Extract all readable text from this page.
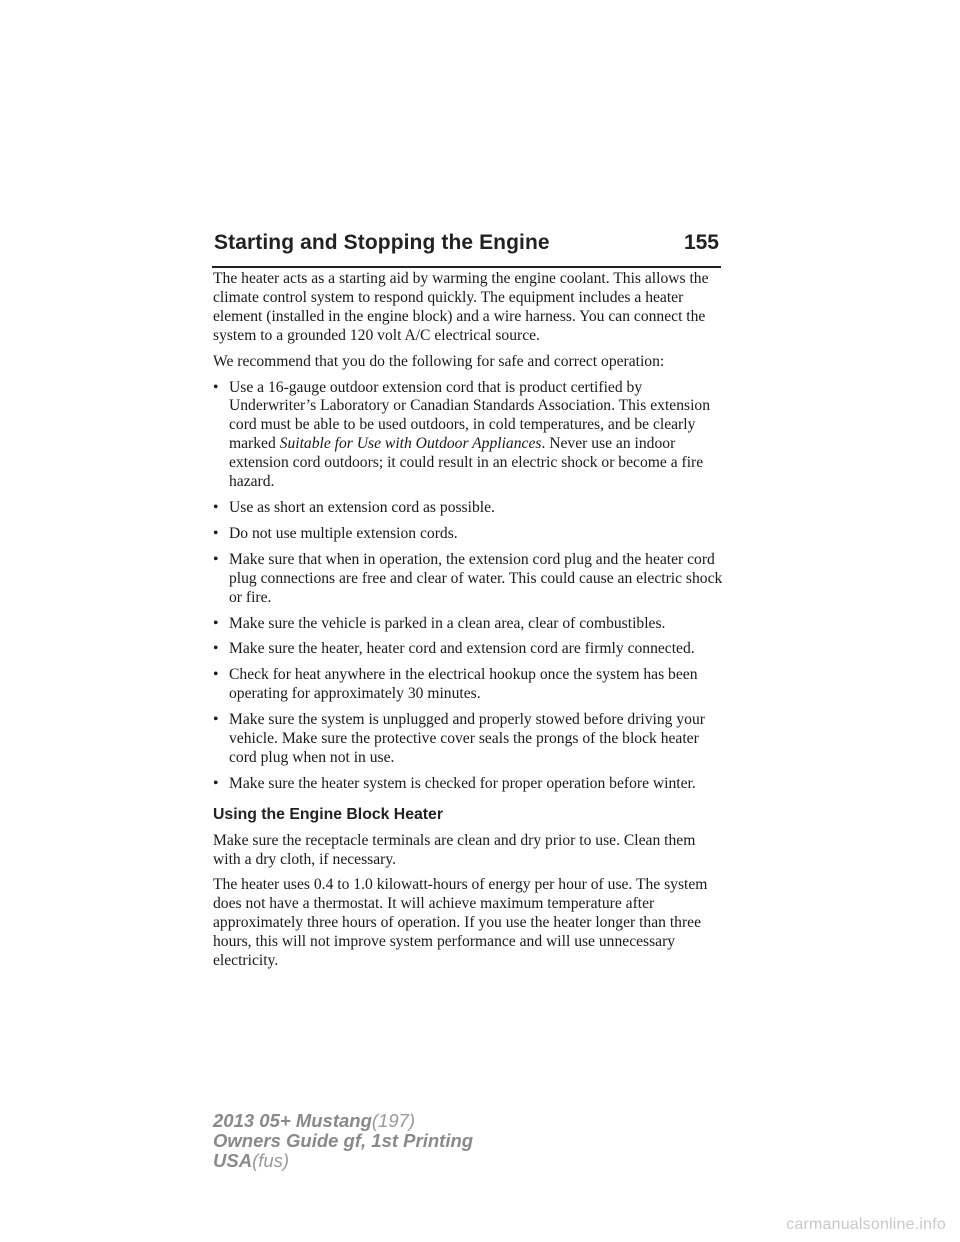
Starting and Stopping the Engine	155

The heater acts as a starting aid by warming the engine coolant. This allows the climate control system to respond quickly. The equipment includes a heater element (installed in the engine block) and a wire harness. You can connect the system to a grounded 120 volt A/C electrical source.

We recommend that you do the following for safe and correct operation:

• Use a 16-gauge outdoor extension cord that is product certified by Underwriter’s Laboratory or Canadian Standards Association. This extension cord must be able to be used outdoors, in cold temperatures, and be clearly marked Suitable for Use with Outdoor Appliances. Never use an indoor extension cord outdoors; it could result in an electric shock or become a fire hazard.
• Use as short an extension cord as possible.
• Do not use multiple extension cords.
• Make sure that when in operation, the extension cord plug and the heater cord plug connections are free and clear of water. This could cause an electric shock or fire.
• Make sure the vehicle is parked in a clean area, clear of combustibles.
• Make sure the heater, heater cord and extension cord are firmly connected.
• Check for heat anywhere in the electrical hookup once the system has been operating for approximately 30 minutes.
• Make sure the system is unplugged and properly stowed before driving your vehicle. Make sure the protective cover seals the prongs of the block heater cord plug when not in use.
• Make sure the heater system is checked for proper operation before winter.
Using the Engine Block Heater

Make sure the receptacle terminals are clean and dry prior to use. Clean them with a dry cloth, if necessary.

The heater uses 0.4 to 1.0 kilowatt-hours of energy per hour of use. The system does not have a thermostat. It will achieve maximum temperature after approximately three hours of operation. If you use the heater longer than three hours, this will not improve system performance and will use unnecessary electricity.

2013 05+ Mustang(197)
Owners Guide gf, 1st Printing
USA(fus)
carmanualsonline.info
